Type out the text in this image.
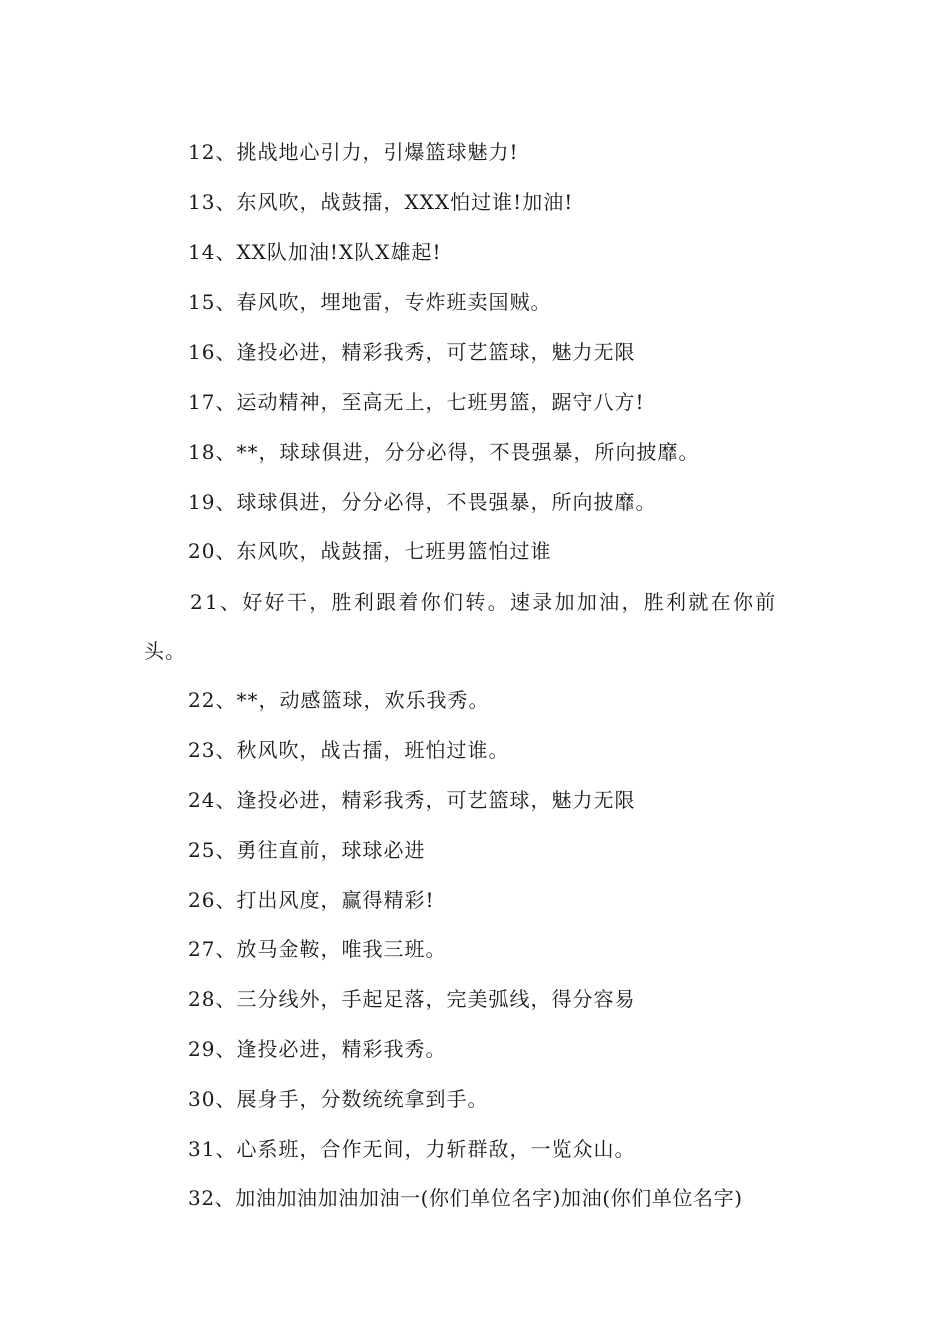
12、挑战地心引力，引爆篮球魅力!
13、东风吹，战鼓擂，XXX怕过谁!加油!
14、XX队加油!X队X雄起!
15、春风吹，埋地雷，专炸班卖国贼。
16、逢投必进，精彩我秀，可艺篮球，魅力无限
17、运动精神，至高无上，七班男篮，踞守八方!
18、**，球球俱进，分分必得，不畏强暴，所向披靡。
19、球球俱进，分分必得，不畏强暴，所向披靡。
20、东风吹，战鼓擂，七班男篮怕过谁
21、好好干，胜利跟着你们转。速录加加油，胜利就在你前
头。
22、**，动感篮球，欢乐我秀。
23、秋风吹，战古擂，班怕过谁。
24、逢投必进，精彩我秀，可艺篮球，魅力无限
25、勇往直前，球球必进
26、打出风度，赢得精彩!
27、放马金鞍，唯我三班。
28、三分线外，手起足落，完美弧线，得分容易
29、逢投必进，精彩我秀。
30、展身手，分数统统拿到手。
31、心系班，合作无间，力斩群敌，一览众山。
32、加油加油加油加油一(你们单位名字)加油(你们单位名字)
